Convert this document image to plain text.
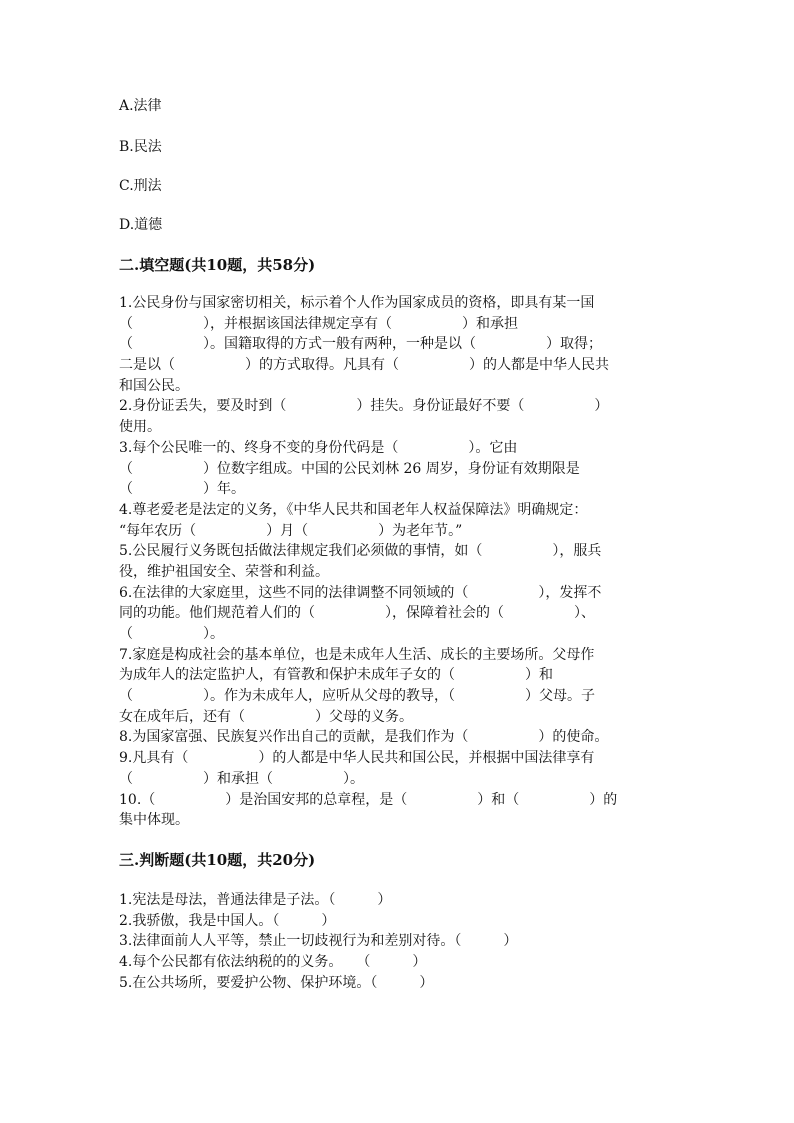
A.法律
B.民法
C.刑法
D.道德
二.填空题(共10题，共58分)
1.公民身份与国家密切相关，标示着个人作为国家成员的资格，即具有某一国
（　　　　　），并根据该国法律规定享有（　　　　　）和承担
（　　　　　）。国籍取得的方式一般有两种，一种是以（　　　　　）取得；
二是以（　　　　　）的方式取得。凡具有（　　　　　）的人都是中华人民共
和国公民。
2.身份证丢失，要及时到（　　　　　）挂失。身份证最好不要（　　　　　）
使用。
3.每个公民唯一的、终身不变的身份代码是（　　　　　）。它由
（　　　　　）位数字组成。中国的公民刘林 26 周岁，身份证有效期限是
（　　　　　）年。
4.尊老爱老是法定的义务，《中华人民共和国老年人权益保障法》明确规定：
“每年农历（　　　　　）月（　　　　　）为老年节。”
5.公民履行义务既包括做法律规定我们必须做的事情，如（　　　　　），服兵
役，维护祖国安全、荣誉和利益。
6.在法律的大家庭里，这些不同的法律调整不同领域的（　　　　　），发挥不
同的功能。他们规范着人们的（　　　　　），保障着社会的（　　　　　）、
（　　　　　）。
7.家庭是构成社会的基本单位，也是未成年人生活、成长的主要场所。父母作
为成年人的法定监护人，有管教和保护未成年子女的（　　　　　）和
（　　　　　）。作为未成年人，应听从父母的教导，（　　　　　）父母。子
女在成年后，还有（　　　　　）父母的义务。
8.为国家富强、民族复兴作出自己的贡献，是我们作为（　　　　　）的使命。
9.凡具有（　　　　　）的人都是中华人民共和国公民，并根据中国法律享有
（　　　　　）和承担（　　　　　）。
10.（　　　　　）是治国安邦的总章程，是（　　　　　）和（　　　　　）的
集中体现。
三.判断题(共10题，共20分)
1.宪法是母法，普通法律是子法。（　　　）
2.我骄傲，我是中国人。（　　　）
3.法律面前人人平等，禁止一切歧视行为和差别对待。（　　　）
4.每个公民都有依法纳税的的义务。　　（　　　）
5.在公共场所，要爱护公物、保护环境。（　　　）
